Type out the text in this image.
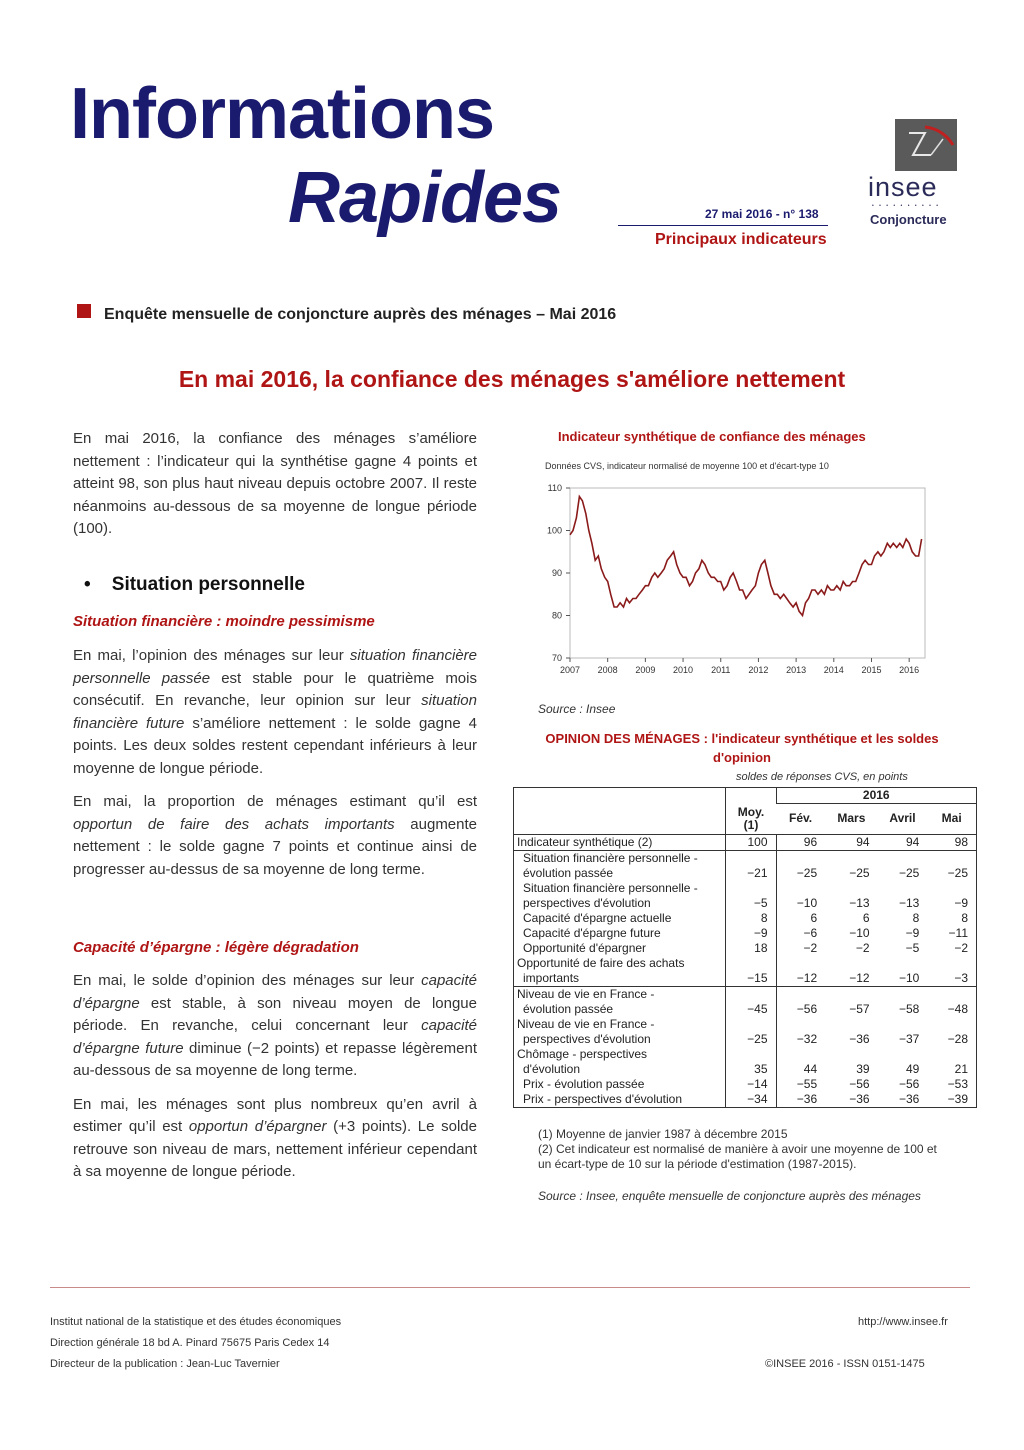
Informations
Rapides	27 mai 2016 - n° 138
Principaux indicateurs
insee
• • • • • • • • • •
Conjoncture
Enquête mensuelle de conjoncture auprès des ménages – Mai 2016
En mai 2016, la confiance des ménages s'améliore nettement

En mai 2016, la confiance des ménages s’améliore nettement : l’indicateur qui la synthétise gagne 4 points et atteint 98, son plus haut niveau depuis octobre 2007. Il reste néanmoins au-dessous de sa moyenne de longue période (100).

•    Situation personnelle
Situation financière : moindre pessimisme

En mai, l’opinion des ménages sur leur situation financière personnelle passée est stable pour le quatrième mois consécutif. En revanche, leur opinion sur leur situation financière future s’améliore nettement : le solde gagne 4 points. Les deux soldes restent cependant inférieurs à leur moyenne de longue période.

En mai, la proportion de ménages estimant qu’il est opportun de faire des achats importants augmente nettement : le solde gagne 7 points et continue ainsi de progresser au-dessus de sa moyenne de long terme.

Capacité d’épargne : légère dégradation

En mai, le solde d’opinion des ménages sur leur capacité d’épargne est stable, à son niveau moyen de longue période. En revanche, celui concernant leur capacité d’épargne future diminue (−2 points) et repasse légèrement au-dessous de sa moyenne de long terme.

En mai, les ménages sont plus nombreux qu’en avril à estimer qu’il est opportun d’épargner (+3 points). Le solde retrouve son niveau de mars, nettement inférieur cependant à sa moyenne de longue période.

Indicateur synthétique de confiance des ménages
Données CVS, indicateur normalisé de moyenne 100 et d'écart-type 10
70
80
90
100
110
2007 2008 2009 2010 2011 2012 2013 2014 2015 2016
Source : Insee
OPINION DES MÉNAGES : l'indicateur synthétique et les soldes d'opinion
soldes de réponses CVS, en points
		2016			
	Moy. (1)	Fév.	Mars	Avril	Mai

Indicateur synthétique (2)	100	96	94	94	98

Situation financière personnelle -
évolution passée	−21	−25	−25	−25	−25

Situation financière personnelle -
perspectives d'évolution	−5	−10	−13	−13	−9

Capacité d'épargne actuelle	8	6	6	8	8

Capacité d'épargne future	−9	−6	−10	−9	−11

Opportunité d'épargner	18	−2	−2	−5	−2

Opportunité de faire des achats
importants	−15	−12	−12	−10	−3

Niveau de vie en France -
évolution passée	−45	−56	−57	−58	−48

Niveau de vie en France -
perspectives d'évolution	−25	−32	−36	−37	−28

Chômage - perspectives
d'évolution	35	44	39	49	21

Prix - évolution passée	−14	−55	−56	−56	−53

Prix - perspectives d'évolution	−34	−36	−36	−36	−39
(1) Moyenne de janvier 1987 à décembre 2015
(2) Cet indicateur est normalisé de manière à avoir une moyenne de 100 et un écart-type de 10 sur la période d'estimation (1987-2015).
Source : Insee, enquête mensuelle de conjoncture auprès des ménages
Institut national de la statistique et des études économiques
Direction générale 18 bd A. Pinard 75675 Paris Cedex 14
Directeur de la publication : Jean-Luc Tavernier
http://www.insee.fr
©INSEE 2016 - ISSN 0151-1475
